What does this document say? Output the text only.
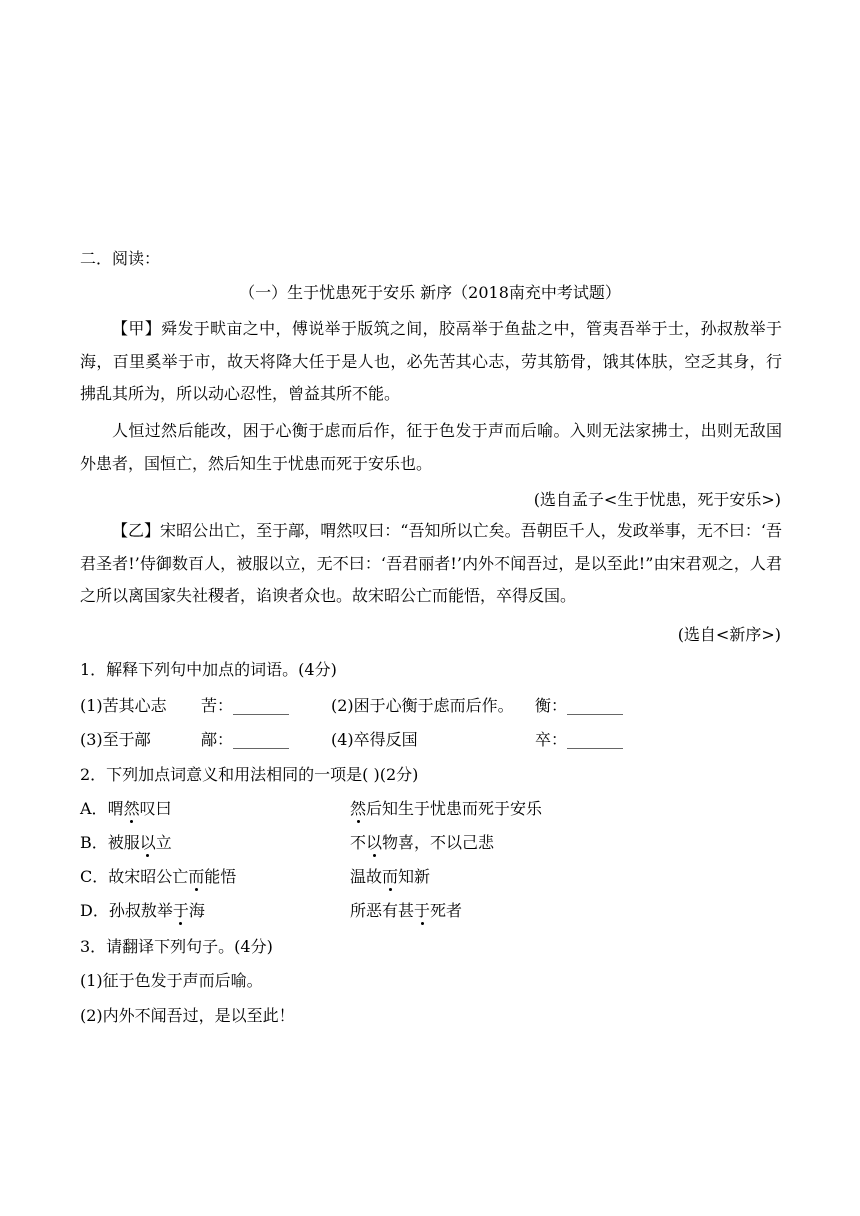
二．阅读：
（一）生于忧患死于安乐 新序（2018南充中考试题）
【甲】舜发于畎亩之中，傅说举于版筑之间，胶鬲举于鱼盐之中，管夷吾举于士，孙叔敖举于海，百里奚举于市，故天将降大任于是人也，必先苦其心志，劳其筋骨，饿其体肤，空乏其身，行拂乱其所为，所以动心忍性，曾益其所不能。
人恒过然后能改，困于心衡于虑而后作，征于色发于声而后喻。入则无法家拂士，出则无敌国外患者，国恒亡，然后知生于忧患而死于安乐也。
(选自孟子<生于忧患，死于安乐>)
【乙】宋昭公出亡，至于鄗，喟然叹曰：“吾知所以亡矣。吾朝臣千人，发政举事，无不曰：‘吾君圣者!’侍御数百人，被服以立，无不曰：‘吾君丽者!’内外不闻吾过，是以至此!”由宋君观之，人君之所以离国家失社稷者，谄谀者众也。故宋昭公亡而能悟，卒得反国。
(选自<新序>)
1．解释下列句中加点的词语。(4分)
(1)苦其心志 苦：_______	(2)困于心衡于虑而后作。 衡：_______
(3)至于鄗	鄗：_______	(4)卒得反国	卒：_______
2．下列加点词意义和用法相同的一项是( )(2分)
A．喟然叹曰	然后知生于忧患而死于安乐
B．被服以立	不以物喜，不以己悲
C．故宋昭公亡而能悟	温故而知新
D．孙叔敖举于海	所恶有甚于死者
3．请翻译下列句子。(4分)
(1)征于色发于声而后喻。
(2)内外不闻吾过，是以至此！
